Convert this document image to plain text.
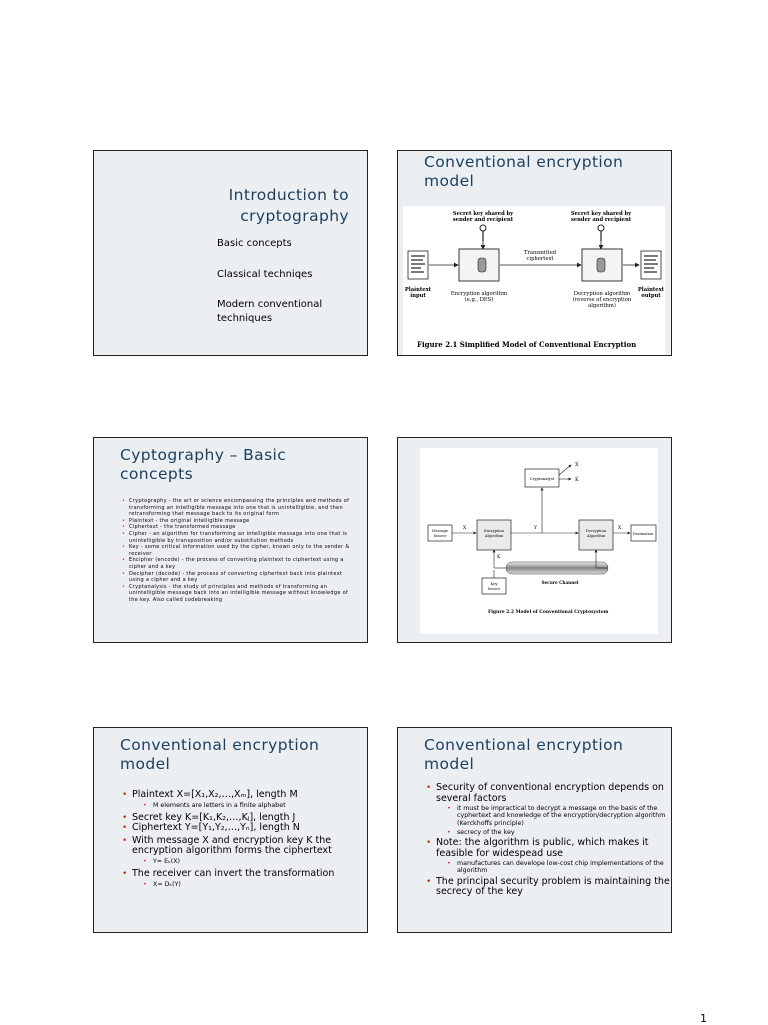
Introduction to
cryptography
Basic concepts
Classical techniqes
Modern conventional
techniques
Conventional encryption model
Secret key shared by
sender and recipient
Secret key shared by
sender and recipient
Transmitted
ciphertext
Plaintext
input	Encryption algorithm
(e.g., DES)
Decryption algorithm
(reverse of encryption
algorithm)
Plaintext
output
Figure 2.1 Simplified Model of Conventional Encryption
Cyptography – Basic concepts
• Cryptography - the art or science encompassing the principles and methods of transforming an intelligible message into one that is unintelligible, and then retransforming that message back to its original form
• Plaintext - the original intelligible message
• Ciphertext - the transformed message
• Cipher - an algorithm for transforming an intelligible message into one that is unintelligible by transposition and/or substitution methods
• Key - some critical information used by the cipher, known only to the sender & receiver
• Encipher (encode) - the process of converting plaintext to ciphertext using a cipher and a key
• Decipher (decode) - the process of converting ciphertext back into plaintext using a cipher and a key
• Cryptanalysis - the study of principles and methods of transforming an unintelligible message back into an intelligible message without knowledge of the key. Also called codebreaking
Cryptanalyst
X̂
K̂
Message
Source
X	Encryption
Algorithm
Y	Decryption
Algorithm
X
Destination
Secure Channel
K
Key
Source
Figure 2.2 Model of Conventional Cryptosystem
Conventional encryption model
• Plaintext X=[X₁,X₂,…,Xₘ], length M
• M elements are letters in a finite alphabet
• Secret key K=[K₁,K₂,…,Kⱼ], length J
• Ciphertext Y=[Y₁,Y₂,…,Yₙ], length N
• With message X and encryption key K the encryption algorithm forms the ciphertext
• Y= Eₖ(X)
• The receiver can invert the transformation
• X= Dₖ(Y)
Conventional encryption model
• Security of conventional encryption depends on several factors
• it must be impractical to decrypt a message on the basis of the cyphertext and knowledge of the encryption/decryption algorithm (Kerckhoffs principle)
• secrecy of the key
• Note: the algorithm is public, which makes it feasible for widespead use
• manufactures can develope low-cost chip implementations of the algorithm
• The principal security problem is maintaining the secrecy of the key
1
